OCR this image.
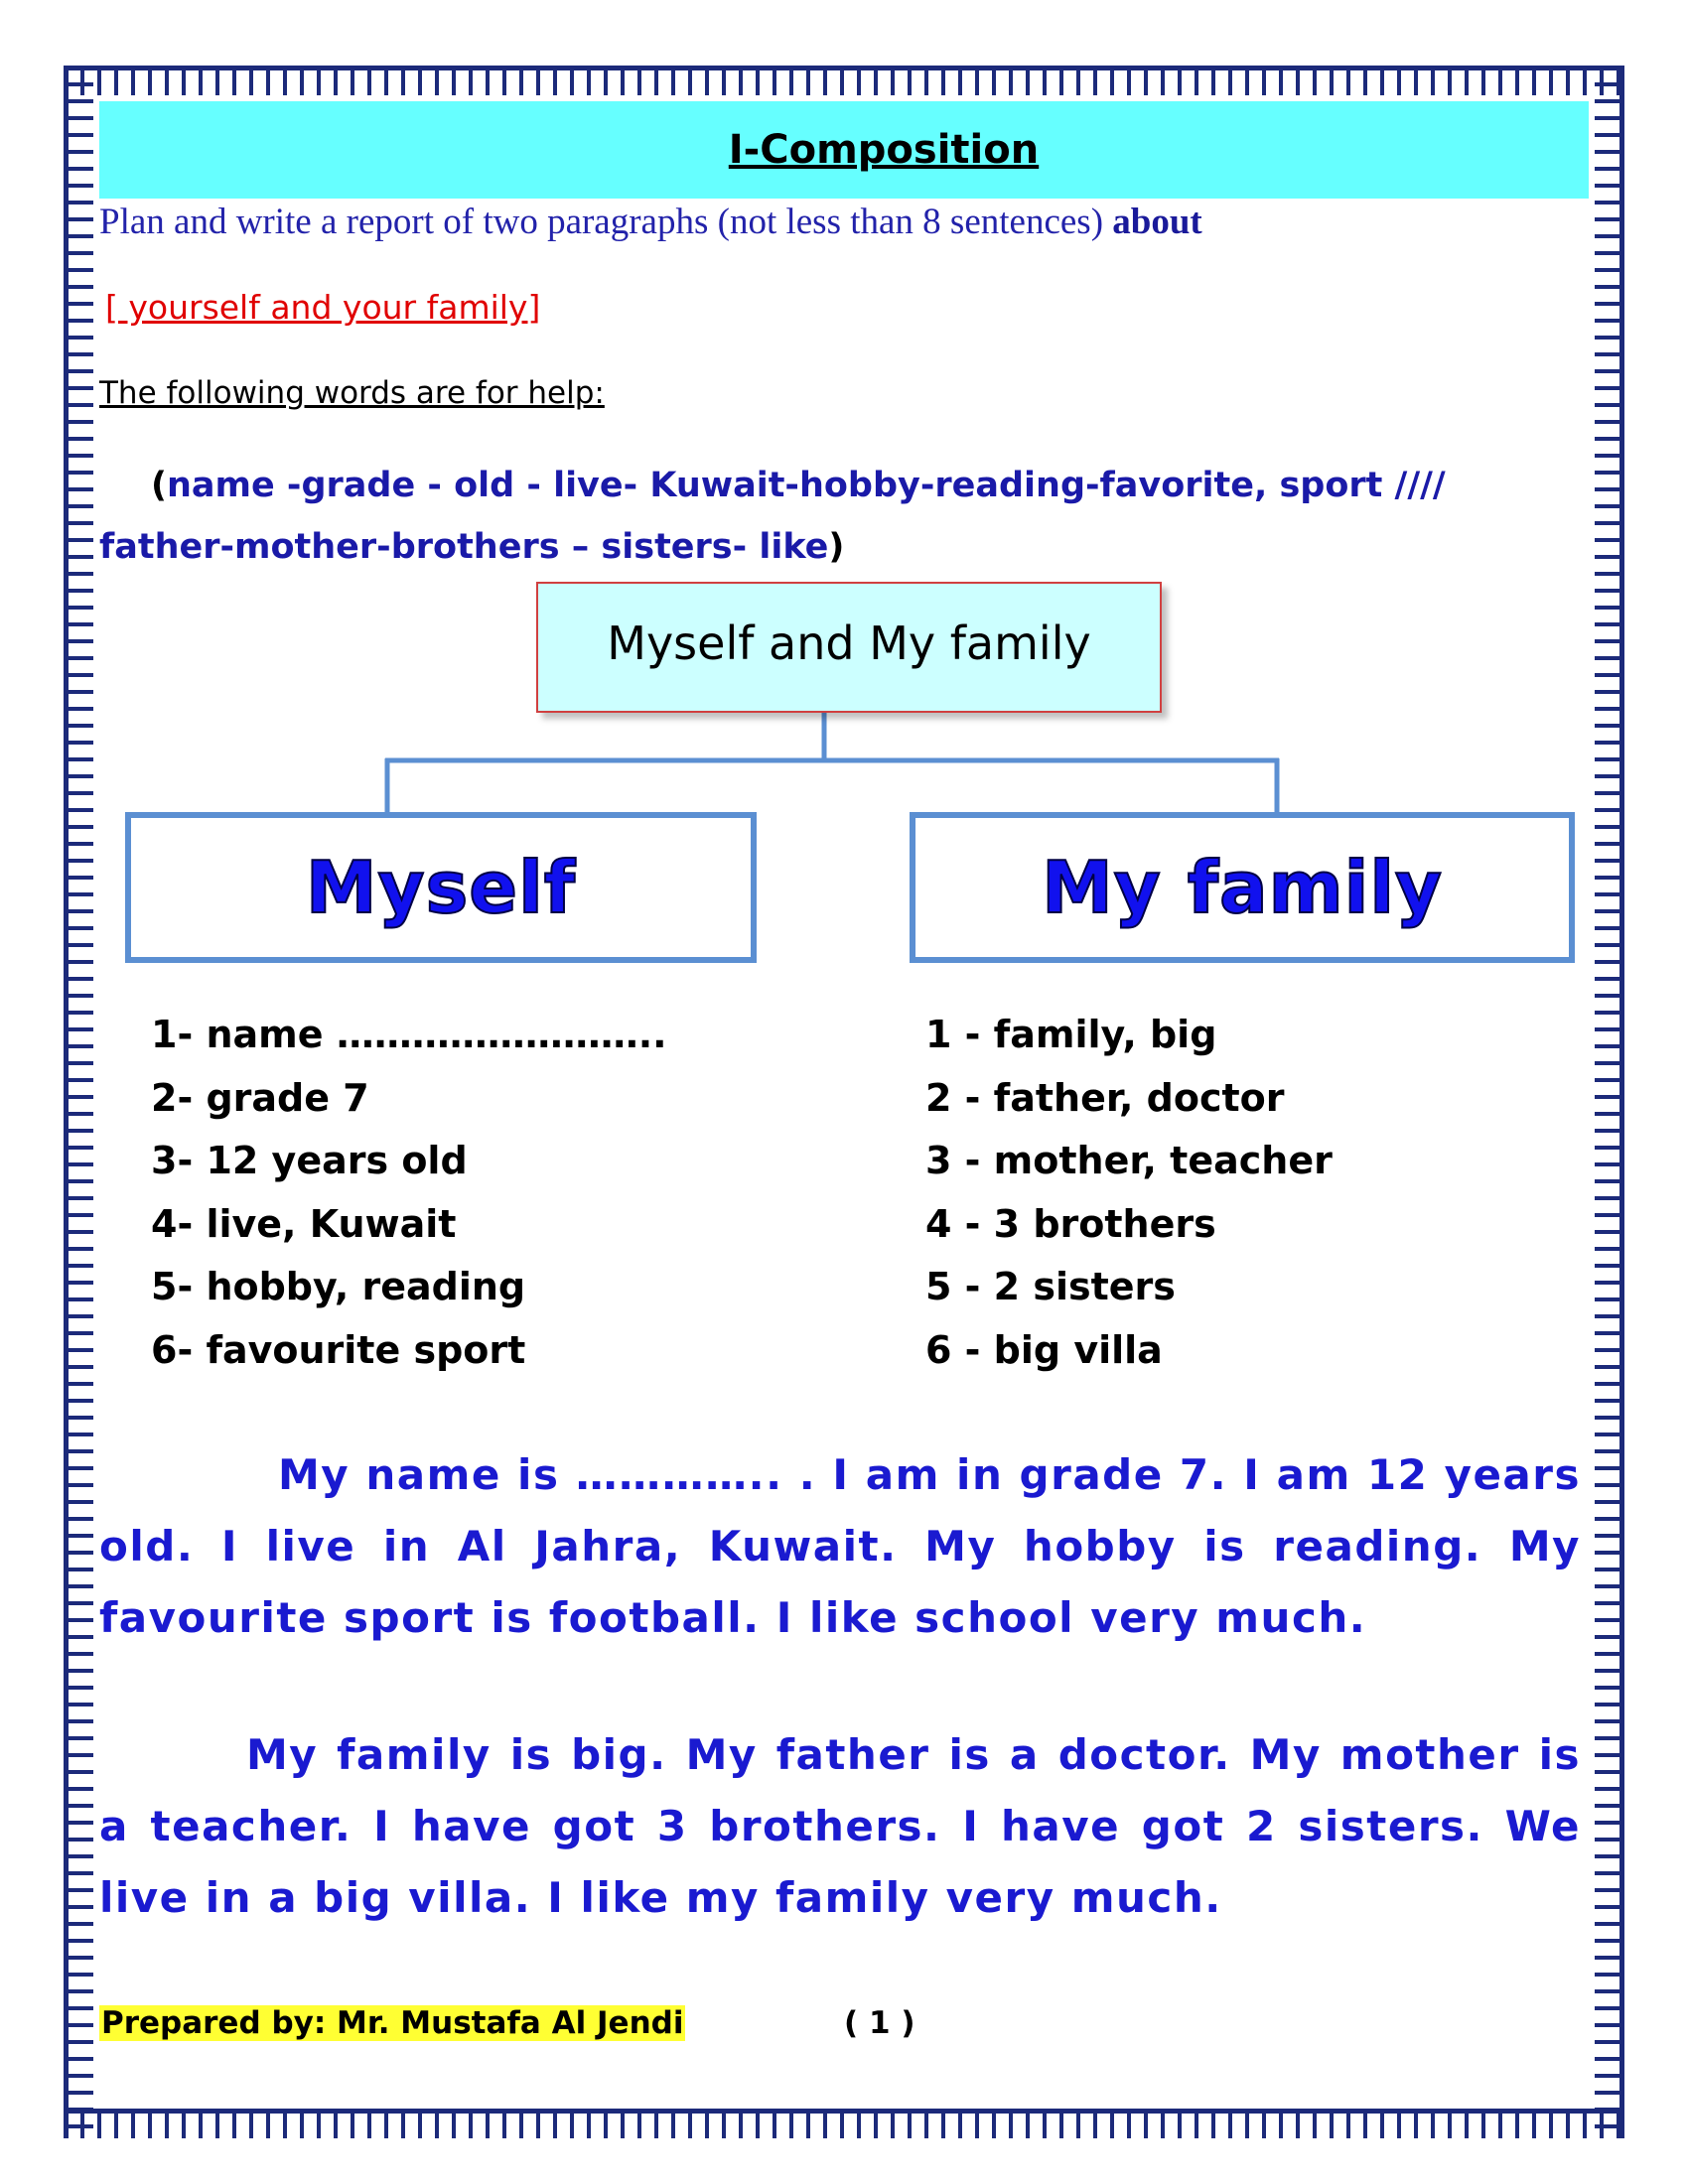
I-Composition
Plan and write a report of two paragraphs (not less than 8 sentences) about
[ yourself and your family]
The following words are for help:
(name -grade - old - live- Kuwait-hobby-reading-favorite, sport //// father-mother-brothers – sisters- like)
Myself and My family
Myself	My family
1- name ……………………..
2- grade 7
3- 12 years old
4- live, Kuwait
5- hobby, reading
6- favourite sport
1 - family, big
2 - father, doctor
3 - mother, teacher
4 - 3 brothers
5 - 2 sisters
6 - big villa

My name is ………….. . I am in grade 7. I am 12 years old. I live in Al Jahra, Kuwait. My hobby is reading. My favourite sport is football. I like school very much.

My family is big. My father is a doctor. My mother is a teacher. I have got 3 brothers. I have got 2 sisters. We live in a big villa. I like my family very much.

Prepared by: Mr. Mustafa Al Jendi	( 1 )
